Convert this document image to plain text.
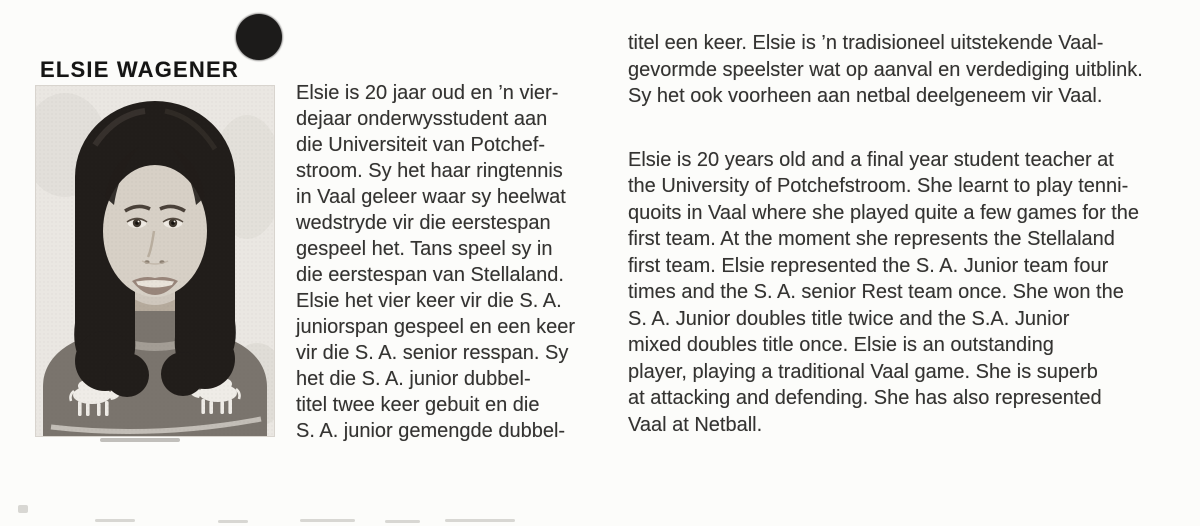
ELSIE WAGENER
Elsie is 20 jaar oud en ’n vier-
dejaar onderwysstudent aan
die Universiteit van Potchef-
stroom. Sy het haar ringtennis
in Vaal geleer waar sy heelwat
wedstryde vir die eerstespan
gespeel het. Tans speel sy in
die eerstespan van Stellaland.
Elsie het vier keer vir die S. A.
juniorspan gespeel en een keer
vir die S. A. senior resspan. Sy
het die S. A. junior dubbel-
titel twee keer gebuit en die
S. A. junior gemengde dubbel-
titel een keer. Elsie is ’n tradisioneel uitstekende Vaal-
gevormde speelster wat op aanval en verdediging uitblink.
Sy het ook voorheen aan netbal deelgeneem vir Vaal.
Elsie is 20 years old and a final year student teacher at
the University of Potchefstroom. She learnt to play tenni-
quoits in Vaal where she played quite a few games for the
first team. At the moment she represents the Stellaland
first team. Elsie represented the S. A. Junior team four
times and the S. A. senior Rest team once. She won the
S. A. Junior doubles title twice and the S.A. Junior
mixed doubles title once. Elsie is an outstanding
player, playing a traditional Vaal game. She is superb
at attacking and defending. She has also represented
Vaal at Netball.
